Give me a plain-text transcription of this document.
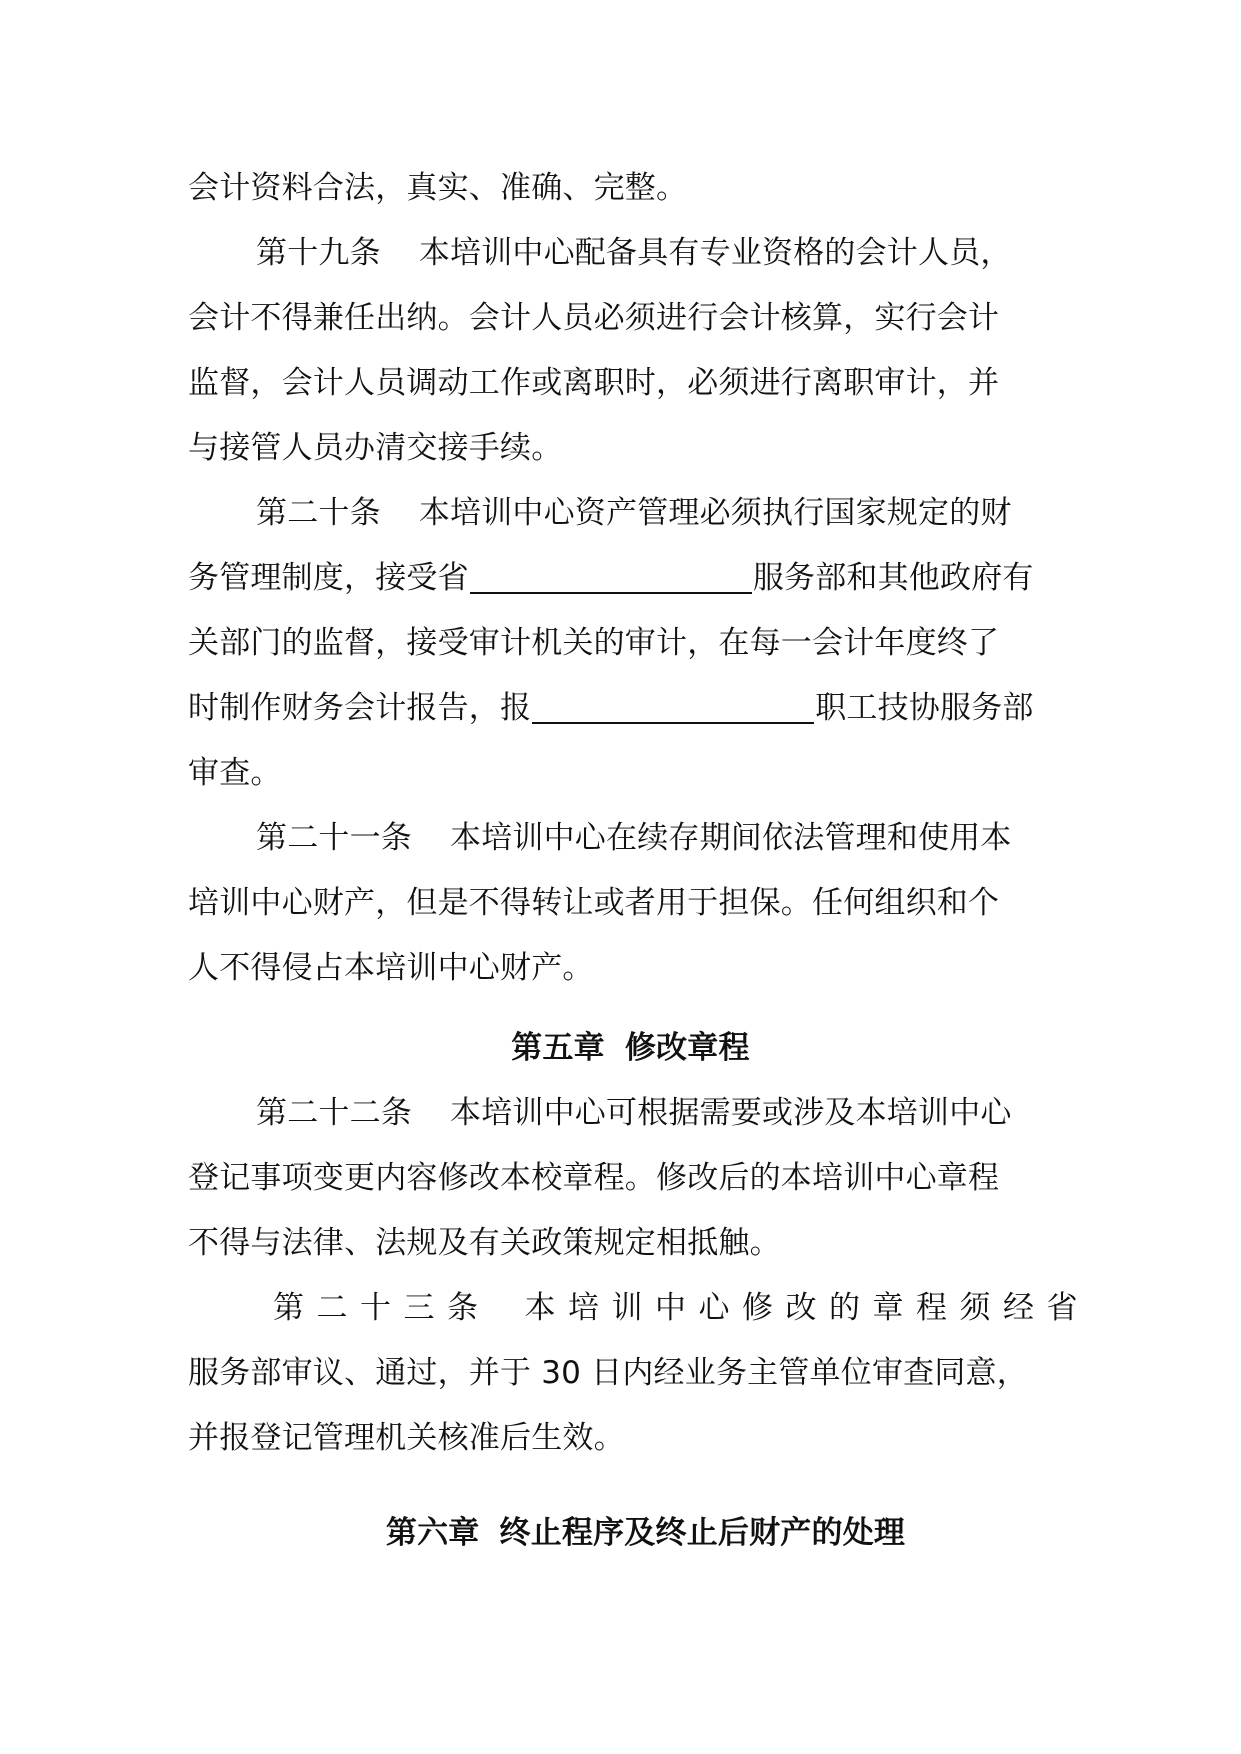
会计资料合法，真实、准确、完整。
第十九条 本培训中心配备具有专业资格的会计人员，
会计不得兼任出纳。会计人员必须进行会计核算，实行会计
监督，会计人员调动工作或离职时，必须进行离职审计，并
与接管人员办清交接手续。
第二十条 本培训中心资产管理必须执行国家规定的财
务管理制度，接受省	服务部和其他政府有
关部门的监督，接受审计机关的审计，在每一会计年度终了
时制作财务会计报告，报	职工技协服务部
审查。
第二十一条 本培训中心在续存期间依法管理和使用本
培训中心财产，但是不得转让或者用于担保。任何组织和个
人不得侵占本培训中心财产。
第五章 修改章程
第二十二条 本培训中心可根据需要或涉及本培训中心
登记事项变更内容修改本校章程。修改后的本培训中心章程
不得与法律、法规及有关政策规定相抵触。
第二十三条 本培训中心修改的章程须经省
服务部审议、通过，并于 30 日内经业务主管单位审查同意，
并报登记管理机关核准后生效。
第六章 终止程序及终止后财产的处理
